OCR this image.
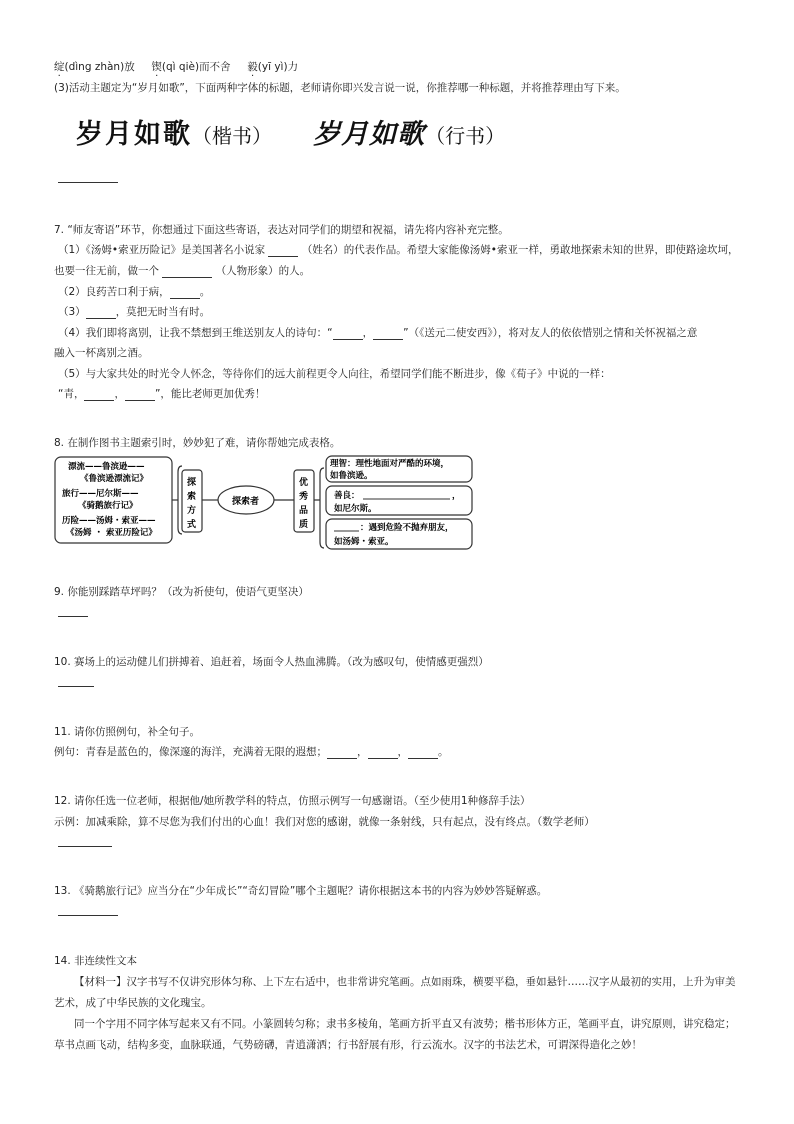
绽(dìng zhàn)放 锲(qì qiè)而不舍 毅(yī yì)力
(3)活动主题定为“岁月如歌”，下面两种字体的标题，老师请你即兴发言说一说，你推荐哪一种标题，并将推荐理由写下来。
岁月如歌（楷书） 岁月如歌（行书）
7. “师友寄语”环节，你想通过下面这些寄语，表达对同学们的期望和祝福，请先将内容补充完整。
（1）《汤姆•索亚历险记》是美国著名小说家	（姓名）的代表作品。希望大家能像汤姆•索亚一样，勇敢地探索未知的世界，即使路途坎坷，
也要一往无前，做一个	（人物形象）的人。
（2）良药苦口利于病，	。
（3）	，莫把无时当有时。
（4）我们即将离别，让我不禁想到王维送别友人的诗句：“	，	”（《送元二使安西》），将对友人的依依惜别之情和关怀祝福之意
融入一杯离别之酒。
（5）与大家共处的时光令人怀念，等待你们的远大前程更令人向往，希望同学们能不断进步，像《荀子》中说的一样：
“青，	，	”，能比老师更加优秀！
8. 在制作图书主题索引时，妙妙犯了难，请你帮她完成表格。
漂流——鲁滨逊——
《鲁滨逊漂流记》
旅行——尼尔斯——
《骑鹅旅行记》
历险——汤姆・索亚——
《汤姆 ・ 索亚历险记》
探
索
方
式
探索者
优
秀
品
质
理智：理性地面对严酷的环境，
如鲁滨逊。
善良：	，
如尼尔斯。
：遇到危险不抛弃朋友，
如汤姆・索亚。
9. 你能别踩踏草坪吗？（改为祈使句，使语气更坚决）
10. 赛场上的运动健儿们拼搏着、追赶着，场面令人热血沸腾。（改为感叹句，使情感更强烈）
11. 请你仿照例句，补全句子。
例句：青春是蓝色的，像深邃的海洋，充满着无限的遐想；	，	，	。
12. 请你任选一位老师，根据他/她所教学科的特点，仿照示例写一句感谢语。（至少使用1种修辞手法）
示例：加减乘除，算不尽您为我们付出的心血！我们对您的感谢，就像一条射线，只有起点，没有终点。（数学老师）
13. 《骑鹅旅行记》应当分在“少年成长”“奇幻冒险”哪个主题呢？请你根据这本书的内容为妙妙答疑解惑。
14. 非连续性文本
【材料一】汉字书写不仅讲究形体匀称、上下左右适中，也非常讲究笔画。点如雨珠，横要平稳，垂如悬针……汉字从最初的实用，上升为审美
艺术，成了中华民族的文化瑰宝。
同一个字用不同字体写起来又有不同。小篆圆转匀称；隶书多棱角，笔画方折平直又有波势；楷书形体方正，笔画平直，讲究原则，讲究稳定；
草书点画飞动，结构多变，血脉联通，气势磅礴，青逍潇洒；行书舒展有形，行云流水。汉字的书法艺术，可谓深得造化之妙！
